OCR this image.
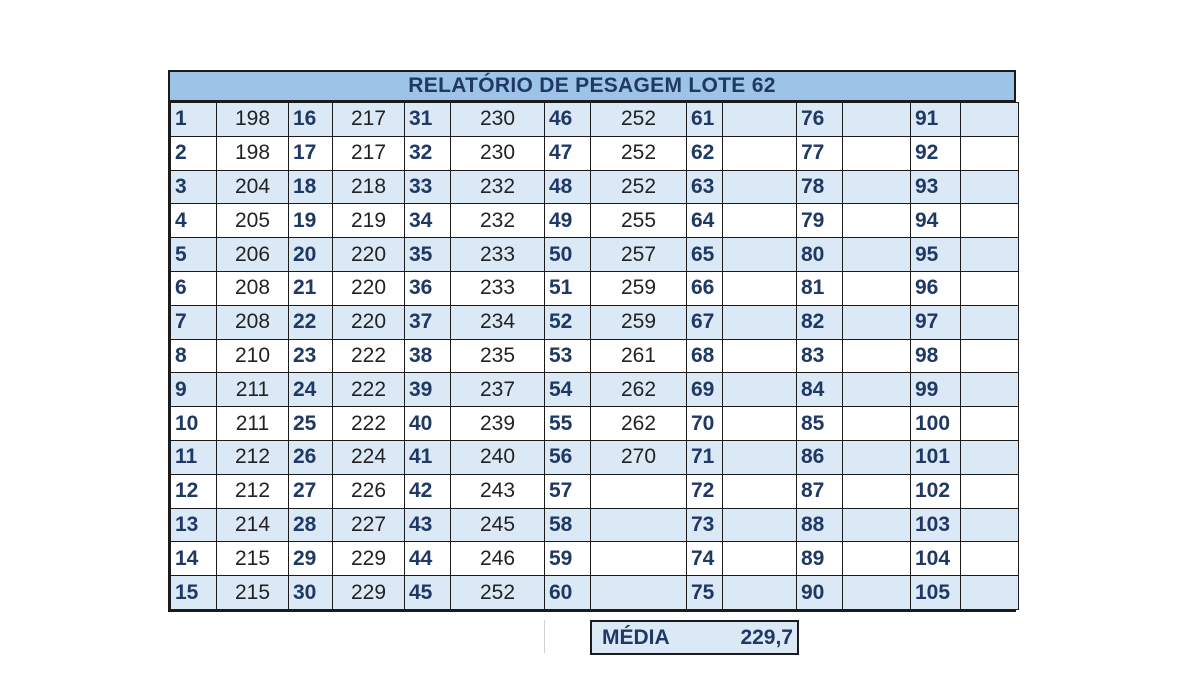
RELATÓRIO DE PESAGEM LOTE 62
1	198	16	217	31	230	46	252	61		76		91	
2	198	17	217	32	230	47	252	62		77		92	
3	204	18	218	33	232	48	252	63		78		93	
4	205	19	219	34	232	49	255	64		79		94	
5	206	20	220	35	233	50	257	65		80		95	
6	208	21	220	36	233	51	259	66		81		96	
7	208	22	220	37	234	52	259	67		82		97	
8	210	23	222	38	235	53	261	68		83		98	
9	211	24	222	39	237	54	262	69		84		99	
10	211	25	222	40	239	55	262	70		85		100	
11	212	26	224	41	240	56	270	71		86		101	
12	212	27	226	42	243	57		72		87		102	
13	214	28	227	43	245	58		73		88		103	
14	215	29	229	44	246	59		74		89		104	
15	215	30	229	45	252	60		75		90		105	
MÉDIA	229,7
